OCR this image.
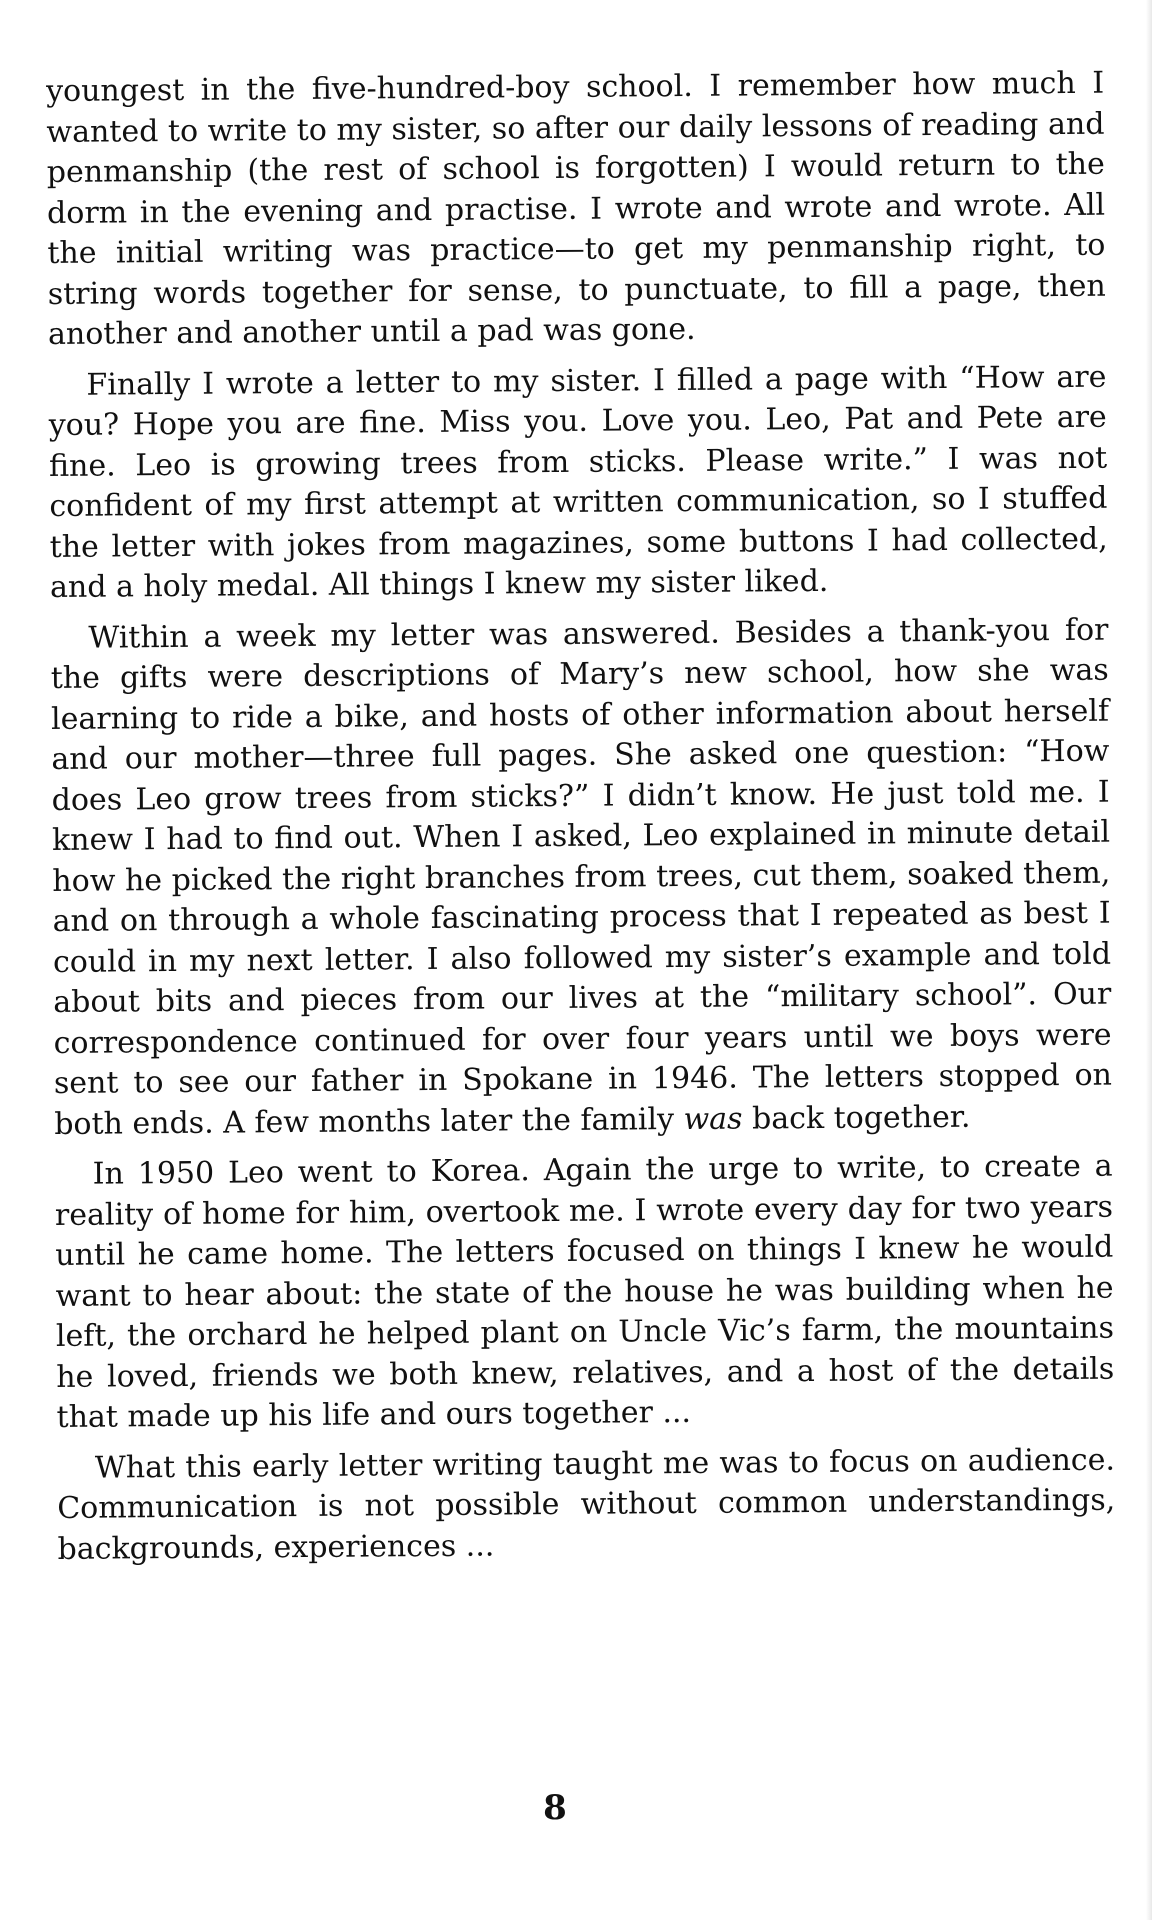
youngest in the five-hundred-boy school. I remember how much I wanted to write to my sister, so after our daily lessons of reading and penmanship (the rest of school is forgotten) I would return to the dorm in the evening and practise. I wrote and wrote and wrote. All the initial writing was practice—to get my penmanship right, to string words together for sense, to punctuate, to fill a page, then another and another until a pad was gone.

Finally I wrote a letter to my sister. I filled a page with “How are you? Hope you are fine. Miss you. Love you. Leo, Pat and Pete are fine. Leo is growing trees from sticks. Please write.” I was not confident of my first attempt at written communication, so I stuffed the letter with jokes from magazines, some buttons I had collected, and a holy medal. All things I knew my sister liked.

Within a week my letter was answered. Besides a thank-you for the gifts were descriptions of Mary’s new school, how she was learning to ride a bike, and hosts of other information about herself and our mother—three full pages. She asked one question: “How does Leo grow trees from sticks?” I didn’t know. He just told me. I knew I had to find out. When I asked, Leo explained in minute detail how he picked the right branches from trees, cut them, soaked them, and on through a whole fascinating process that I repeated as best I could in my next letter. I also followed my sister’s example and told about bits and pieces from our lives at the “military school”. Our correspondence continued for over four years until we boys were sent to see our father in Spokane in 1946. The letters stopped on both ends. A few months later the family was back together.

In 1950 Leo went to Korea. Again the urge to write, to create a reality of home for him, overtook me. I wrote every day for two years until he came home. The letters focused on things I knew he would want to hear about: the state of the house he was building when he left, the orchard he helped plant on Uncle Vic’s farm, the mountains he loved, friends we both knew, relatives, and a host of the details that made up his life and ours together ...

What this early letter writing taught me was to focus on audience. Communication is not possible without common understandings, backgrounds, experiences ...

8
